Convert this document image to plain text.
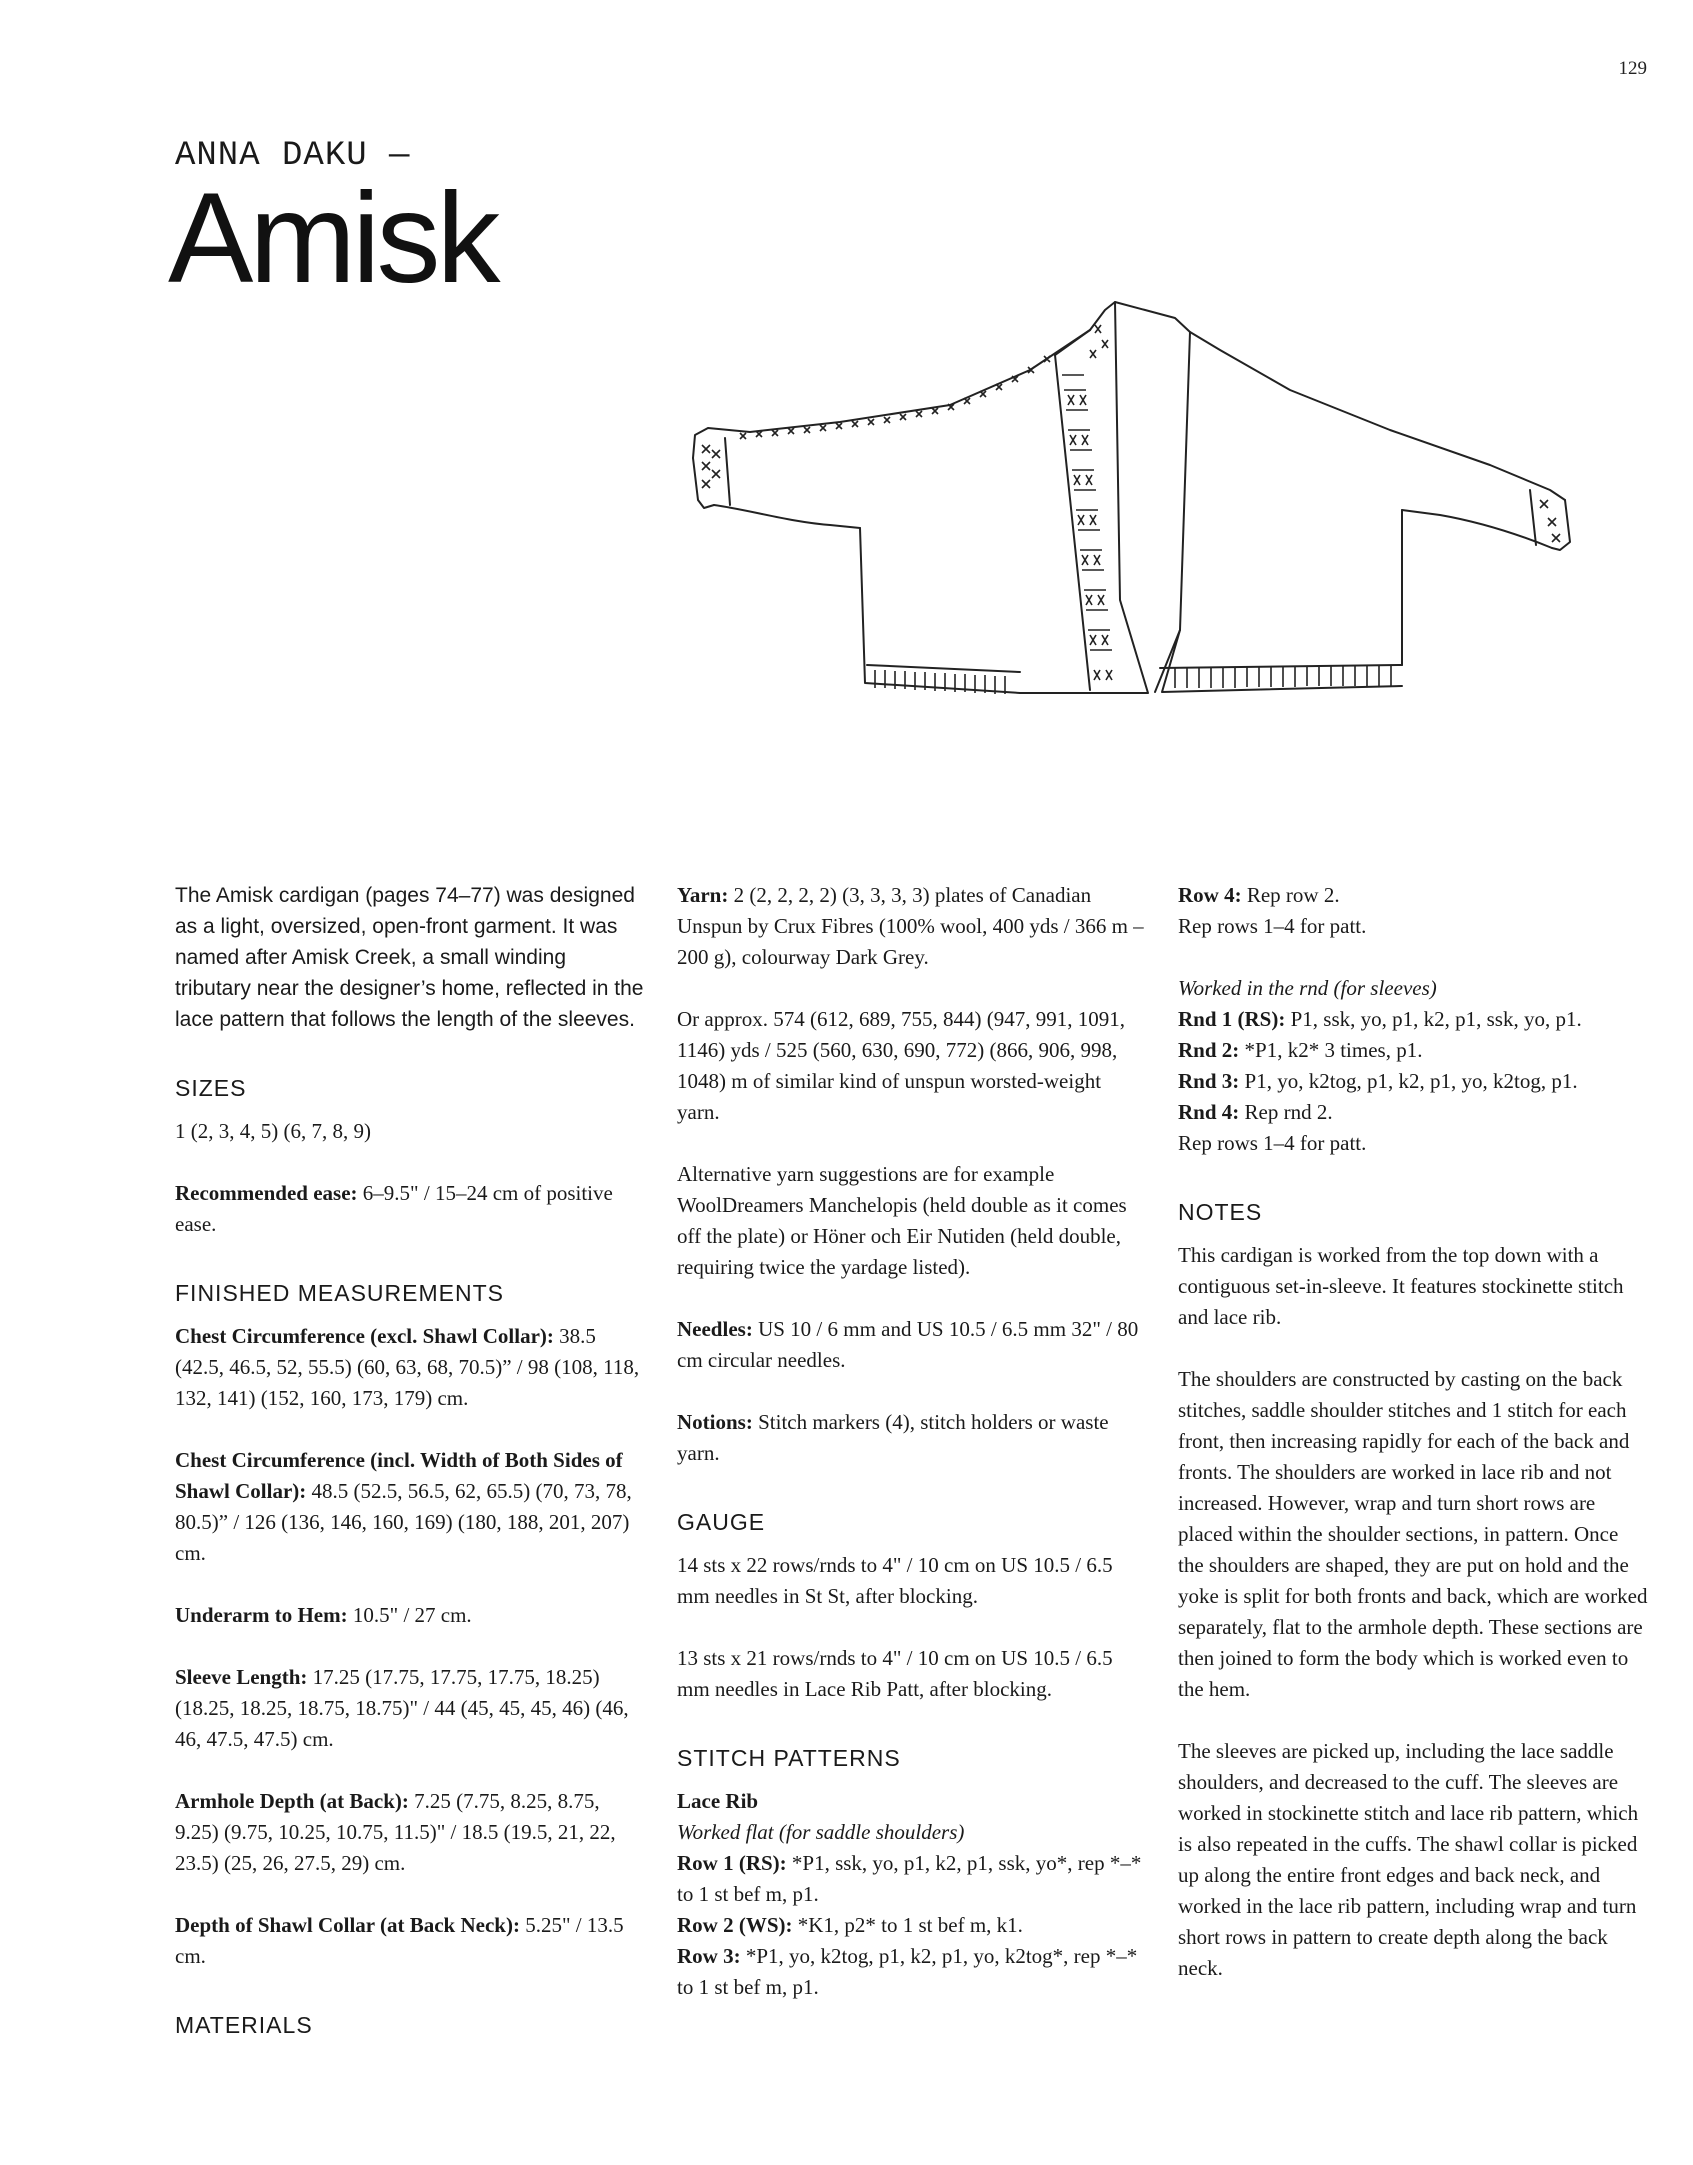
129
ANNA DAKU —
Amisk
The Amisk cardigan (pages 74–77) was designed as a light, oversized, open-front garment. It was named after Amisk Creek, a small winding tributary near the designer’s home, reflected in the lace pattern that follows the length of the sleeves.
SIZES

1 (2, 3, 4, 5) (6, 7, 8, 9)

Recommended ease: 6–9.5" / 15–24 cm of positive ease.

FINISHED MEASUREMENTS

Chest Circumference (excl. Shawl Collar): 38.5 (42.5, 46.5, 52, 55.5) (60, 63, 68, 70.5)” / 98 (108, 118, 132, 141) (152, 160, 173, 179) cm.

Chest Circumference (incl. Width of Both Sides of Shawl Collar): 48.5 (52.5, 56.5, 62, 65.5) (70, 73, 78, 80.5)” / 126 (136, 146, 160, 169) (180, 188, 201, 207) cm.

Underarm to Hem: 10.5" / 27 cm.

Sleeve Length: 17.25 (17.75, 17.75, 17.75, 18.25) (18.25, 18.25, 18.75, 18.75)" / 44 (45, 45, 45, 46) (46, 46, 47.5, 47.5) cm.

Armhole Depth (at Back): 7.25 (7.75, 8.25, 8.75, 9.25) (9.75, 10.25, 10.75, 11.5)" / 18.5 (19.5, 21, 22, 23.5) (25, 26, 27.5, 29) cm.

Depth of Shawl Collar (at Back Neck): 5.25" / 13.5 cm.

MATERIALS

Yarn: 2 (2, 2, 2, 2) (3, 3, 3, 3) plates of Canadian Unspun by Crux Fibres (100% wool, 400 yds / 366 m – 200 g), colourway Dark Grey.

Or approx. 574 (612, 689, 755, 844) (947, 991, 1091, 1146) yds / 525 (560, 630, 690, 772) (866, 906, 998, 1048) m of similar kind of unspun worsted-weight yarn.

Alternative yarn suggestions are for example WoolDreamers Manchelopis (held double as it comes off the plate) or Höner och Eir Nutiden (held double, requiring twice the yardage listed).

Needles: US 10 / 6 mm and US 10.5 / 6.5 mm 32" / 80 cm circular needles.

Notions: Stitch markers (4), stitch holders or waste yarn.

GAUGE

14 sts x 22 rows/rnds to 4" / 10 cm on US 10.5 / 6.5 mm needles in St St, after blocking.

13 sts x 21 rows/rnds to 4" / 10 cm on US 10.5 / 6.5 mm needles in Lace Rib Patt, after blocking.

STITCH PATTERNS

Lace Rib

Worked flat (for saddle shoulders)

Row 1 (RS): *P1, ssk, yo, p1, k2, p1, ssk, yo*, rep *–* to 1 st bef m, p1.

Row 2 (WS): *K1, p2* to 1 st bef m, k1.

Row 3: *P1, yo, k2tog, p1, k2, p1, yo, k2tog*, rep *–* to 1 st bef m, p1.

Row 4: Rep row 2.

Rep rows 1–4 for patt.

Worked in the rnd (for sleeves)

Rnd 1 (RS): P1, ssk, yo, p1, k2, p1, ssk, yo, p1.

Rnd 2: *P1, k2* 3 times, p1.

Rnd 3: P1, yo, k2tog, p1, k2, p1, yo, k2tog, p1.

Rnd 4: Rep rnd 2.

Rep rows 1–4 for patt.

NOTES

This cardigan is worked from the top down with a contiguous set-in-sleeve. It features stockinette stitch and lace rib.

The shoulders are constructed by casting on the back stitches, saddle shoulder stitches and 1 stitch for each front, then increasing rapidly for each of the back and fronts. The shoulders are worked in lace rib and not increased. However, wrap and turn short rows are placed within the shoulder sections, in pattern. Once the shoulders are shaped, they are put on hold and the yoke is split for both fronts and back, which are worked separately, flat to the armhole depth. These sections are then joined to form the body which is worked even to the hem.

The sleeves are picked up, including the lace saddle shoulders, and decreased to the cuff. The sleeves are worked in stockinette stitch and lace rib pattern, which is also repeated in the cuffs. The shawl collar is picked up along the entire front edges and back neck, and worked in the lace rib pattern, including wrap and turn short rows in pattern to create depth along the back neck.
